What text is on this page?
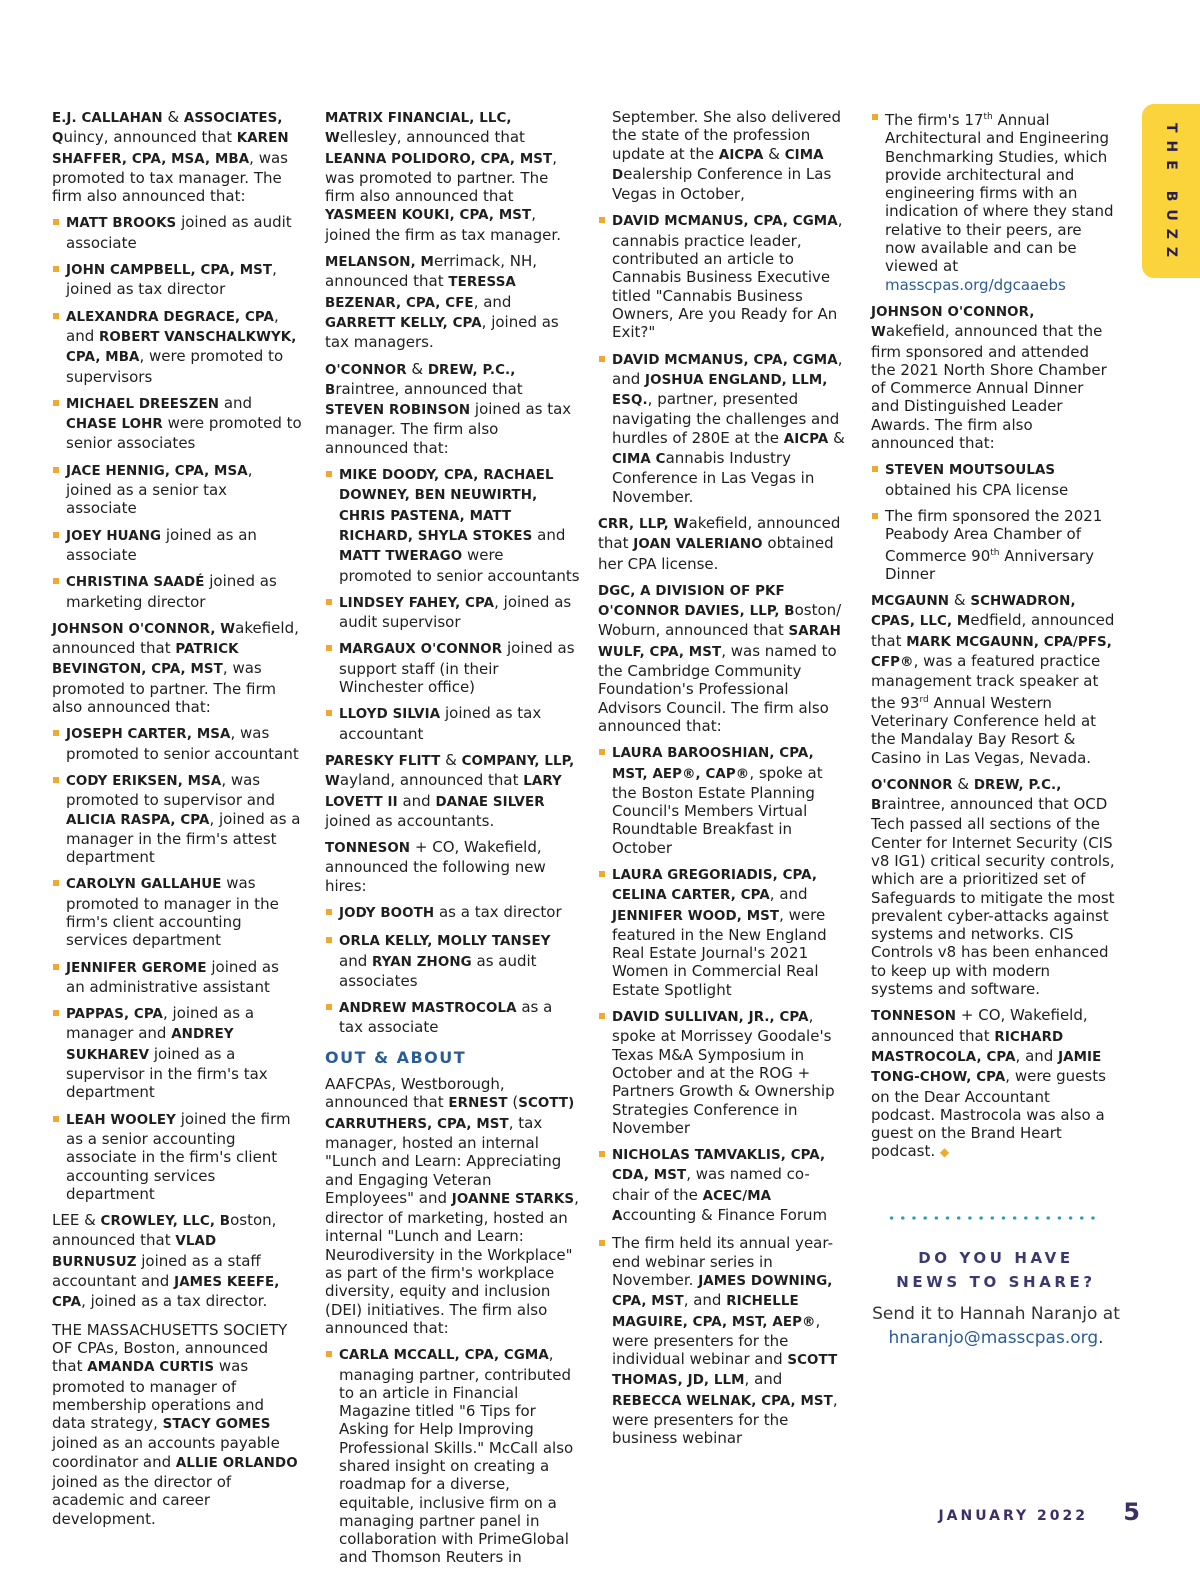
THE BUZZ

E.J. CALLAHAN & ASSOCIATES, Quincy, announced that KAREN SHAFFER, CPA, MSA, MBA, was promoted to tax manager. The firm also announced that:

MATT BROOKS joined as audit associate
JOHN CAMPBELL, CPA, MST, joined as tax director
ALEXANDRA DEGRACE, CPA, and ROBERT VANSCHALKWYK, CPA, MBA, were promoted to supervisors
MICHAEL DREESZEN and CHASE LOHR were promoted to senior associates
JACE HENNIG, CPA, MSA, joined as a senior tax associate
JOEY HUANG joined as an associate
CHRISTINA SAADÉ joined as marketing director

JOHNSON O'CONNOR, Wakefield, announced that PATRICK BEVINGTON, CPA, MST, was promoted to partner. The firm also announced that:

JOSEPH CARTER, MSA, was promoted to senior accountant
CODY ERIKSEN, MSA, was promoted to supervisor and ALICIA RASPA, CPA, joined as a manager in the firm's attest department
CAROLYN GALLAHUE was promoted to manager in the firm's client accounting services department
JENNIFER GEROME joined as an administrative assistant
PAPPAS, CPA, joined as a manager and ANDREY SUKHAREV joined as a supervisor in the firm's tax department
LEAH WOOLEY joined the firm as a senior accounting associate in the firm's client accounting services department

LEE & CROWLEY, LLC, Boston, announced that VLAD BURNUSUZ joined as a staff accountant and JAMES KEEFE, CPA, joined as a tax director.

THE MASSACHUSETTS SOCIETY OF CPAs, Boston, announced that AMANDA CURTIS was promoted to manager of membership operations and data strategy, STACY GOMES joined as an accounts payable coordinator and ALLIE ORLANDO joined as the director of academic and career development.

MATRIX FINANCIAL, LLC, Wellesley, announced that LEANNA POLIDORO, CPA, MST, was promoted to partner. The firm also announced that YASMEEN KOUKI, CPA, MST, joined the firm as tax manager.

MELANSON, Merrimack, NH, announced that TERESSA BEZENAR, CPA, CFE, and GARRETT KELLY, CPA, joined as tax managers.

O'CONNOR & DREW, P.C., Braintree, announced that STEVEN ROBINSON joined as tax manager. The firm also announced that:

MIKE DOODY, CPA, RACHAEL DOWNEY, BEN NEUWIRTH, CHRIS PASTENA, MATT RICHARD, SHYLA STOKES and MATT TWERAGO were promoted to senior accountants
LINDSEY FAHEY, CPA, joined as audit supervisor
MARGAUX O'CONNOR joined as support staff (in their Winchester office)
LLOYD SILVIA joined as tax accountant

PARESKY FLITT & COMPANY, LLP, Wayland, announced that LARY LOVETT II and DANAE SILVER joined as accountants.

TONNESON + CO, Wakefield, announced the following new hires:

JODY BOOTH as a tax director
ORLA KELLY, MOLLY TANSEY and RYAN ZHONG as audit associates
ANDREW MASTROCOLA as a tax associate
OUT & ABOUT

AAFCPAs, Westborough, announced that ERNEST (SCOTT) CARRUTHERS, CPA, MST, tax manager, hosted an internal "Lunch and Learn: Appreciating and Engaging Veteran Employees" and JOANNE STARKS, director of marketing, hosted an internal "Lunch and Learn: Neurodiversity in the Workplace" as part of the firm's workplace diversity, equity and inclusion (DEI) initiatives. The firm also announced that:

CARLA MCCALL, CPA, CGMA, managing partner, contributed to an article in Financial Magazine titled "6 Tips for Asking for Help Improving Professional Skills." McCall also shared insight on creating a roadmap for a diverse, equitable, inclusive firm on a managing partner panel in collaboration with PrimeGlobal and Thomson Reuters in

September. She also delivered the state of the profession update at the AICPA & CIMA Dealership Conference in Las Vegas in October,

DAVID MCMANUS, CPA, CGMA, cannabis practice leader, contributed an article to Cannabis Business Executive titled "Cannabis Business Owners, Are you Ready for An Exit?"
DAVID MCMANUS, CPA, CGMA, and JOSHUA ENGLAND, LLM, ESQ., partner, presented navigating the challenges and hurdles of 280E at the AICPA & CIMA Cannabis Industry Conference in Las Vegas in November.

CRR, LLP, Wakefield, announced that JOAN VALERIANO obtained her CPA license.

DGC, A DIVISION OF PKF O'CONNOR DAVIES, LLP, Boston/ Woburn, announced that SARAH WULF, CPA, MST, was named to the Cambridge Community Foundation's Professional Advisors Council. The firm also announced that:

LAURA BAROOSHIAN, CPA, MST, AEP®, CAP®, spoke at the Boston Estate Planning Council's Members Virtual Roundtable Breakfast in October
LAURA GREGORIADIS, CPA, CELINA CARTER, CPA, and JENNIFER WOOD, MST, were featured in the New England Real Estate Journal's 2021 Women in Commercial Real Estate Spotlight
DAVID SULLIVAN, JR., CPA, spoke at Morrissey Goodale's Texas M&A Symposium in October and at the ROG + Partners Growth & Ownership Strategies Conference in November
NICHOLAS TAMVAKLIS, CPA, CDA, MST, was named co-chair of the ACEC/MA Accounting & Finance Forum
The firm held its annual year-end webinar series in November. JAMES DOWNING, CPA, MST, and RICHELLE MAGUIRE, CPA, MST, AEP®, were presenters for the individual webinar and SCOTT THOMAS, JD, LLM, and REBECCA WELNAK, CPA, MST, were presenters for the business webinar
The firm's 17th Annual Architectural and Engineering Benchmarking Studies, which provide architectural and engineering firms with an indication of where they stand relative to their peers, are now available and can be viewed at masscpas.org/dgcaaebs

JOHNSON O'CONNOR, Wakefield, announced that the firm sponsored and attended the 2021 North Shore Chamber of Commerce Annual Dinner and Distinguished Leader Awards. The firm also announced that:

STEVEN MOUTSOULAS obtained his CPA license
The firm sponsored the 2021 Peabody Area Chamber of Commerce 90th Anniversary Dinner

MCGAUNN & SCHWADRON, CPAS, LLC, Medfield, announced that MARK MCGAUNN, CPA/PFS, CFP®, was a featured practice management track speaker at the 93rd Annual Western Veterinary Conference held at the Mandalay Bay Resort & Casino in Las Vegas, Nevada.

O'CONNOR & DREW, P.C., Braintree, announced that OCD Tech passed all sections of the Center for Internet Security (CIS v8 IG1) critical security controls, which are a prioritized set of Safeguards to mitigate the most prevalent cyber-attacks against systems and networks. CIS Controls v8 has been enhanced to keep up with modern systems and software.

TONNESON + CO, Wakefield, announced that RICHARD MASTROCOLA, CPA, and JAMIE TONG-CHOW, CPA, were guests on the Dear Accountant podcast. Mastrocola was also a guest on the Brand Heart podcast. ◆

DO YOU HAVE
NEWS TO SHARE?
Send it to Hannah Naranjo at hnaranjo@masscpas.org.
JANUARY 2022 5
